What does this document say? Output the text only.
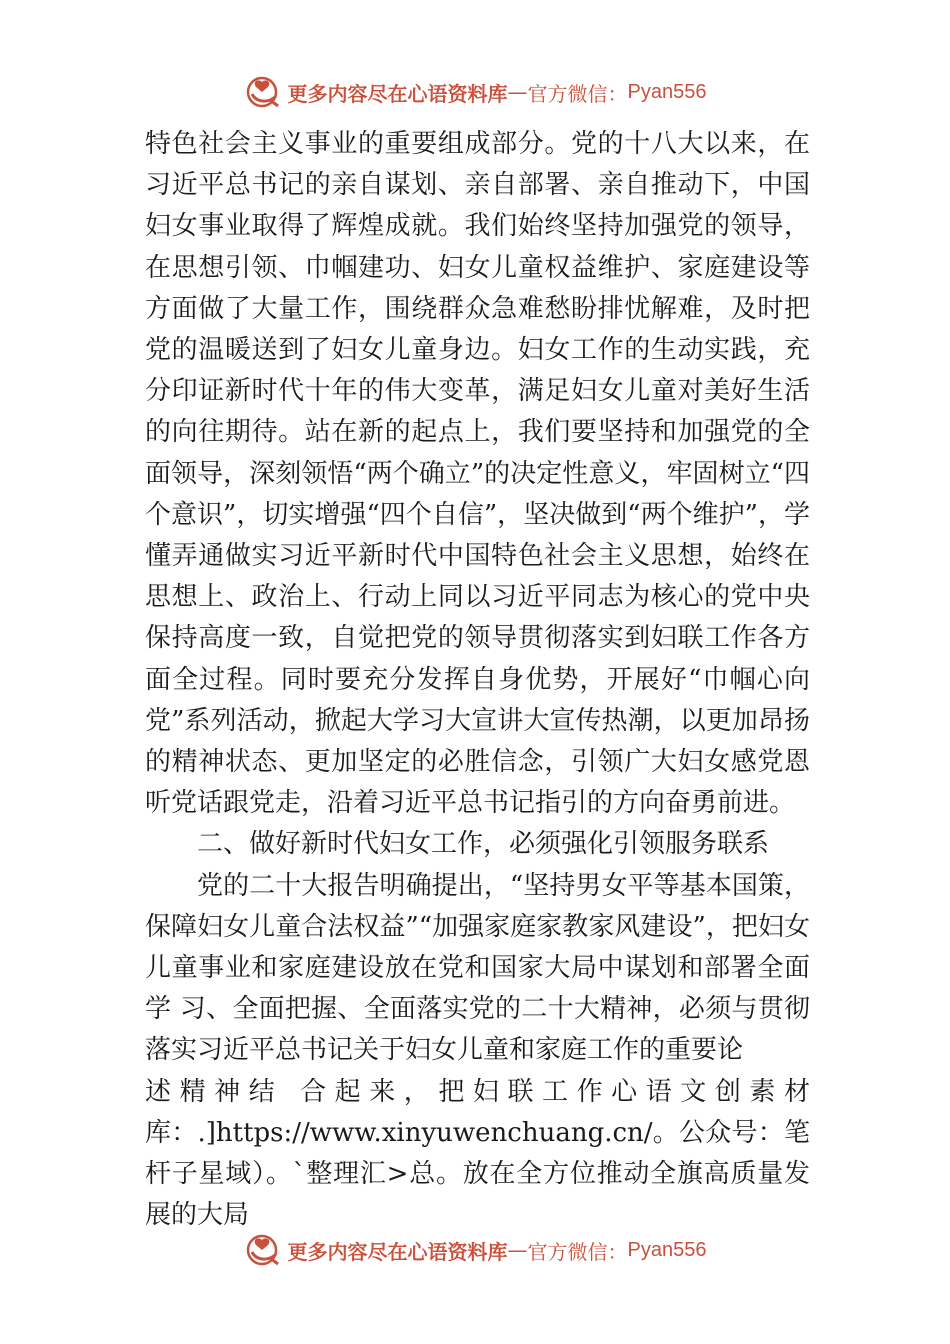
更多内容尽在心语资料库 — 官方微信： Pyan556

特色社会主义事业的重要组成部分。党的十八大以来，在习近平总书记的亲自谋划、亲自部署、亲自推动下，中国妇女事业取得了辉煌成就。我们始终坚持加强党的领导，在思想引领、巾帼建功、妇女儿童权益维护、家庭建设等方面做了大量工作，围绕群众急难愁盼排忧解难，及时把党的温暖送到了妇女儿童身边。妇女工作的生动实践，充分印证新时代十年的伟大变革，满足妇女儿童对美好生活的向往期待。站在新的起点上，我们要坚持和加强党的全面领导，深刻领悟“两个确立”的决定性意义，牢固树立“四个意识”，切实增强“四个自信”，坚决做到“两个维护”，学懂弄通做实习近平新时代中国特色社会主义思想，始终在思想上、政治上、行动上同以习近平同志为核心的党中央保持高度一致，自觉把党的领导贯彻落实到妇联工作各方面全过程。同时要充分发挥自身优势，开展好“巾帼心向党”系列活动，掀起大学习大宣讲大宣传热潮，以更加昂扬的精神状态、更加坚定的必胜信念，引领广大妇女感党恩听党话跟党走，沿着习近平总书记指引的方向奋勇前进。

二、做好新时代妇女工作，必须强化引领服务联系

党的二十大报告明确提出，“坚持男女平等基本国策，保障妇女儿童合法权益”“加强家庭家教家风建设”，把妇女儿童事业和家庭建设放在党和国家大局中谋划和部署全面学 习、全面把握、全面落实党的二十大精神，必须与贯彻落实习近平总书记关于妇女儿童和家庭工作的重要论

述精神结 合起来，把妇联工作心语文创素材

库：.]https://www.xinyuwenchuang.cn/。公众号：笔杆子星域）。`整理汇>总。放在全方位推动全旗高质量发展的大局

更多内容尽在心语资料库 — 官方微信： Pyan556
